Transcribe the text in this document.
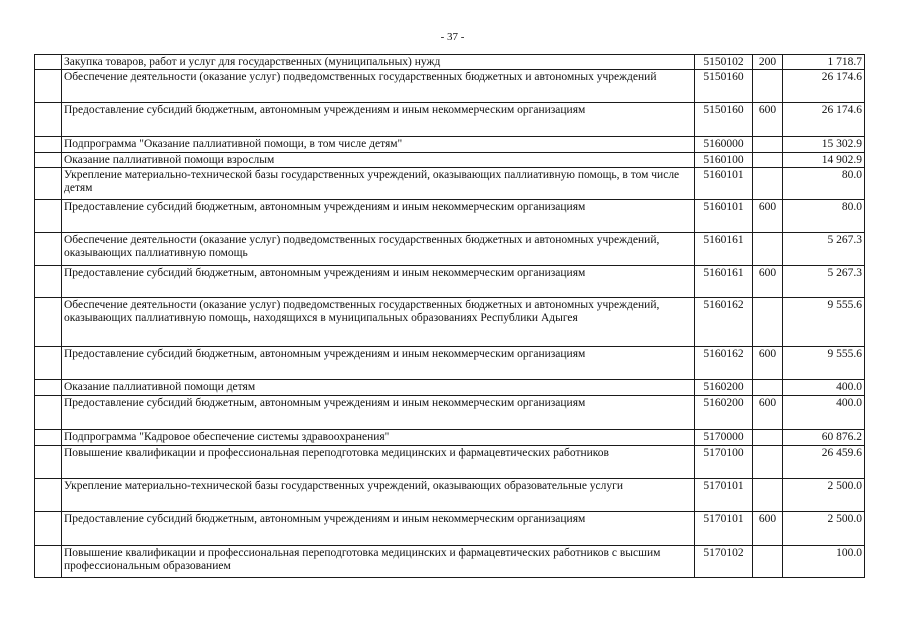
- 37 -
	Закупка товаров, работ и услуг для государственных (муниципальных) нужд	5150102	200	1 718.7
	Обеспечение деятельности (оказание услуг) подведомственных государственных бюджетных и автономных учреждений	5150160		26 174.6
	Предоставление субсидий бюджетным, автономным учреждениям и иным некоммерческим организациям	5150160	600	26 174.6
	Подпрограмма "Оказание паллиативной помощи, в том числе детям"	5160000		15 302.9
	Оказание паллиативной помощи взрослым	5160100		14 902.9
	Укрепление материально-технической базы государственных учреждений, оказывающих паллиативную помощь, в том числе детям	5160101		80.0
	Предоставление субсидий бюджетным, автономным учреждениям и иным некоммерческим организациям	5160101	600	80.0
	Обеспечение деятельности (оказание услуг) подведомственных государственных бюджетных и автономных учреждений, оказывающих паллиативную помощь	5160161		5 267.3
	Предоставление субсидий бюджетным, автономным учреждениям и иным некоммерческим организациям	5160161	600	5 267.3
	Обеспечение деятельности (оказание услуг) подведомственных государственных бюджетных и автономных учреждений, оказывающих паллиативную помощь, находящихся в муниципальных образованиях Республики Адыгея	5160162		9 555.6
	Предоставление субсидий бюджетным, автономным учреждениям и иным некоммерческим организациям	5160162	600	9 555.6
	Оказание паллиативной помощи детям	5160200		400.0
	Предоставление субсидий бюджетным, автономным учреждениям и иным некоммерческим организациям	5160200	600	400.0
	Подпрограмма "Кадровое обеспечение системы здравоохранения"	5170000		60 876.2
	Повышение квалификации и профессиональная переподготовка медицинских и фармацевтических работников	5170100		26 459.6
	Укрепление материально-технической базы государственных учреждений, оказывающих образовательные услуги	5170101		2 500.0
	Предоставление субсидий бюджетным, автономным учреждениям и иным некоммерческим организациям	5170101	600	2 500.0
	Повышение квалификации и профессиональная переподготовка медицинских и фармацевтических работников с высшим профессиональным образованием	5170102		100.0
